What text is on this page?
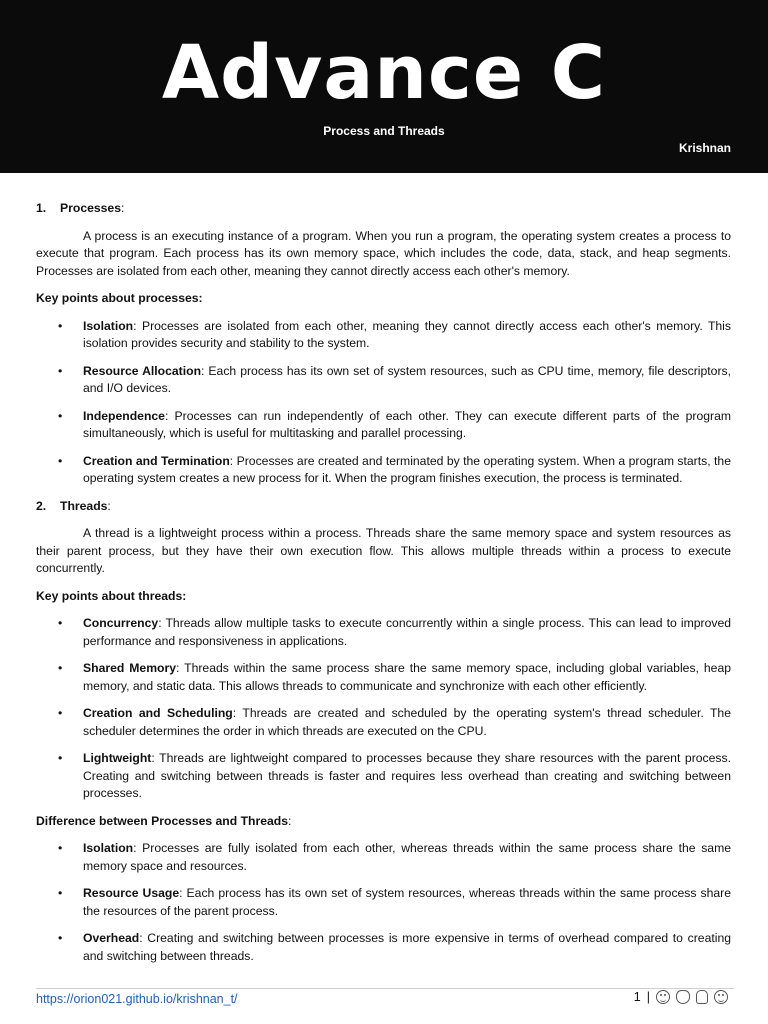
Advance C
Process and Threads
Krishnan
1. Processes:

A process is an executing instance of a program. When you run a program, the operating system creates a process to execute that program. Each process has its own memory space, which includes the code, data, stack, and heap segments. Processes are isolated from each other, meaning they cannot directly access each other's memory.

Key points about processes:
• Isolation: Processes are isolated from each other, meaning they cannot directly access each other's memory. This isolation provides security and stability to the system.
• Resource Allocation: Each process has its own set of system resources, such as CPU time, memory, file descriptors, and I/O devices.
• Independence: Processes can run independently of each other. They can execute different parts of the program simultaneously, which is useful for multitasking and parallel processing.
• Creation and Termination: Processes are created and terminated by the operating system. When a program starts, the operating system creates a new process for it. When the program finishes execution, the process is terminated.
2. Threads:

A thread is a lightweight process within a process. Threads share the same memory space and system resources as their parent process, but they have their own execution flow. This allows multiple threads within a process to execute concurrently.

Key points about threads:
• Concurrency: Threads allow multiple tasks to execute concurrently within a single process. This can lead to improved performance and responsiveness in applications.
• Shared Memory: Threads within the same process share the same memory space, including global variables, heap memory, and static data. This allows threads to communicate and synchronize with each other efficiently.
• Creation and Scheduling: Threads are created and scheduled by the operating system's thread scheduler. The scheduler determines the order in which threads are executed on the CPU.
• Lightweight: Threads are lightweight compared to processes because they share resources with the parent process. Creating and switching between threads is faster and requires less overhead than creating and switching between processes.
Difference between Processes and Threads:
• Isolation: Processes are fully isolated from each other, whereas threads within the same process share the same memory space and resources.
• Resource Usage: Each process has its own set of system resources, whereas threads within the same process share the resources of the parent process.
• Overhead: Creating and switching between processes is more expensive in terms of overhead compared to creating and switching between threads.
https://orion021.github.io/krishnan_t/	1 |
